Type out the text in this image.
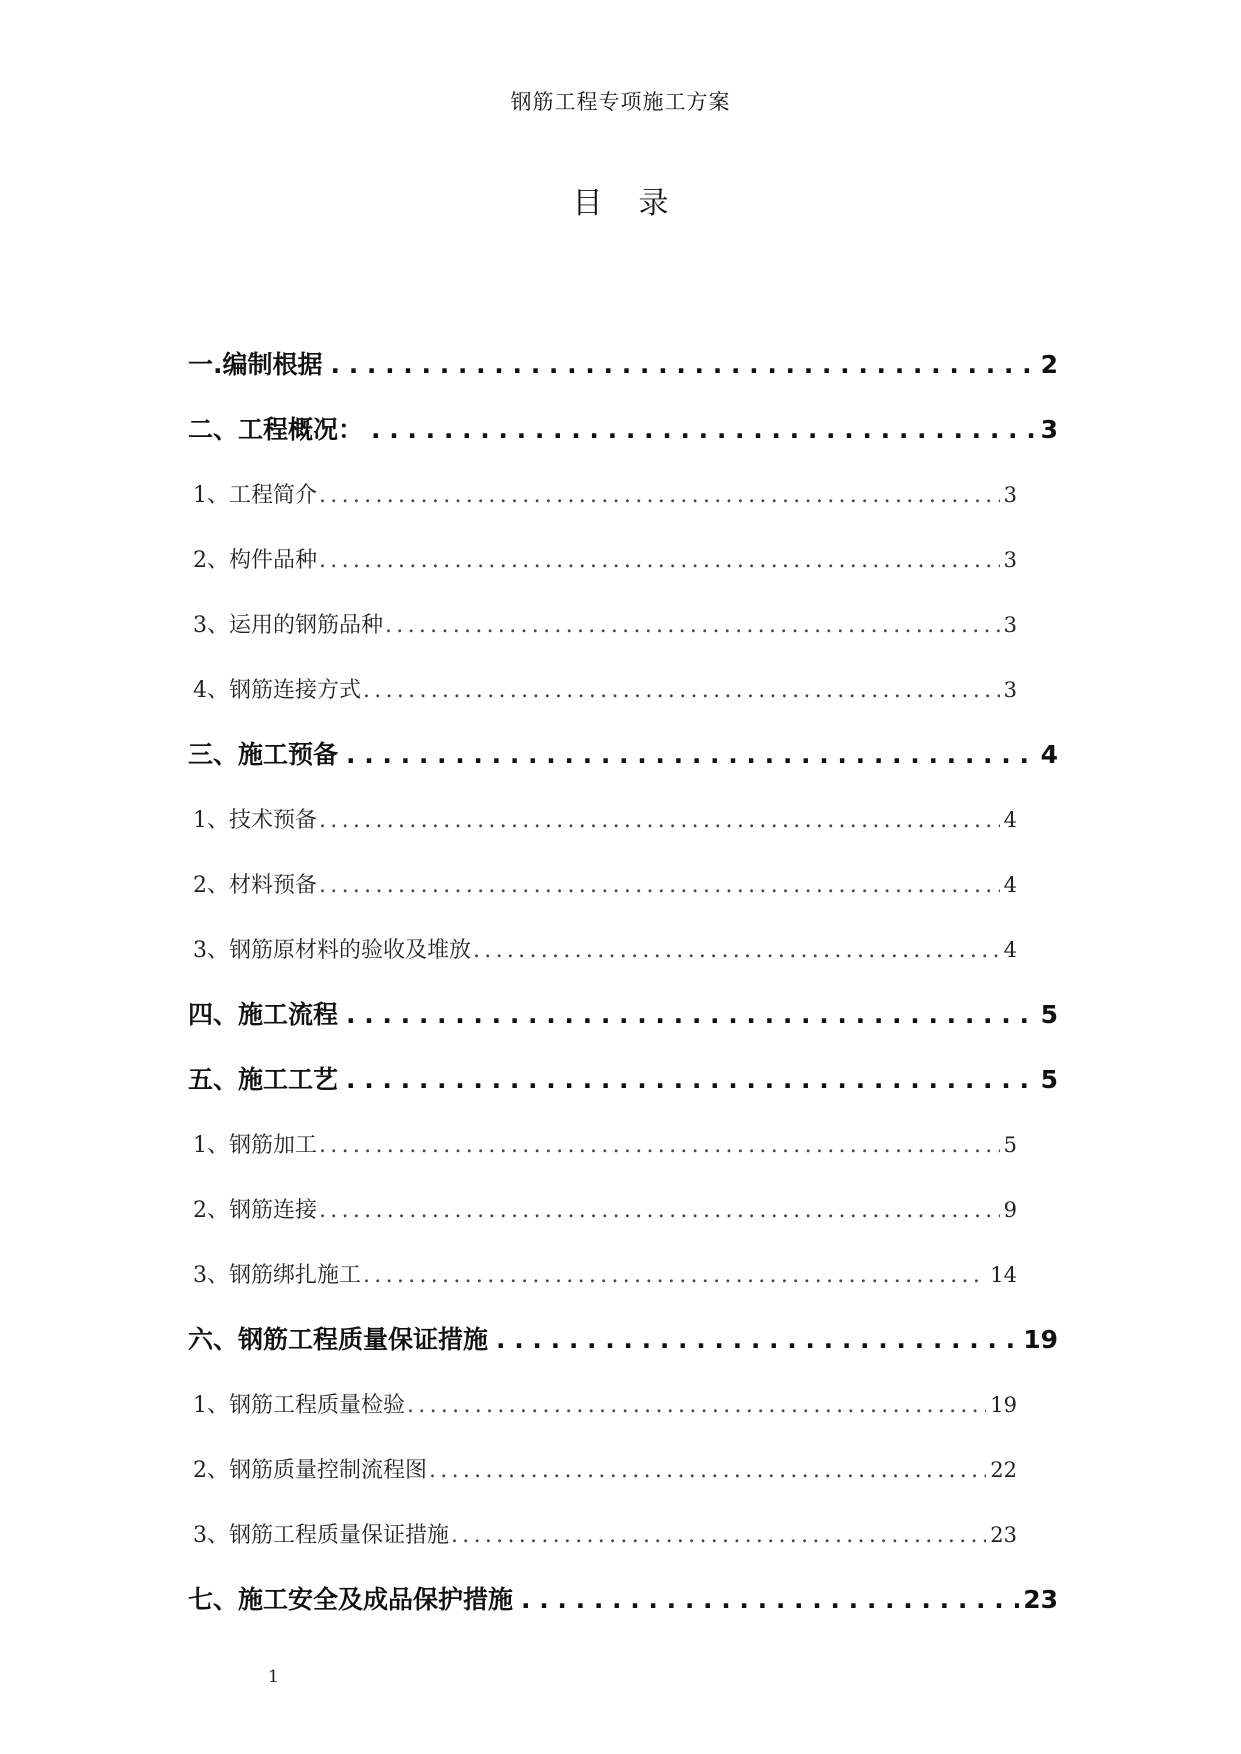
钢筋工程专项施工方案
目 录
一.编制根据 . . .	2
二、工程概况： . . .	3
1、工程简介 .....	3
2、构件品种 .....	3
3、运用的钢筋品种 .....	3
4、钢筋连接方式 .....	3
三、施工预备 . . .	4
1、技术预备 .....	4
2、材料预备 .....	4
3、钢筋原材料的验收及堆放 .....	4
四、施工流程 . . .	5
五、施工工艺 . . .	5
1、钢筋加工 .....	5
2、钢筋连接 .....	9
3、钢筋绑扎施工 .....	14
六、钢筋工程质量保证措施 . . .	19
1、钢筋工程质量检验 .....	19
2、钢筋质量控制流程图 .....	22
3、钢筋工程质量保证措施 .....	23
七、施工安全及成品保护措施 . . .	23
1
